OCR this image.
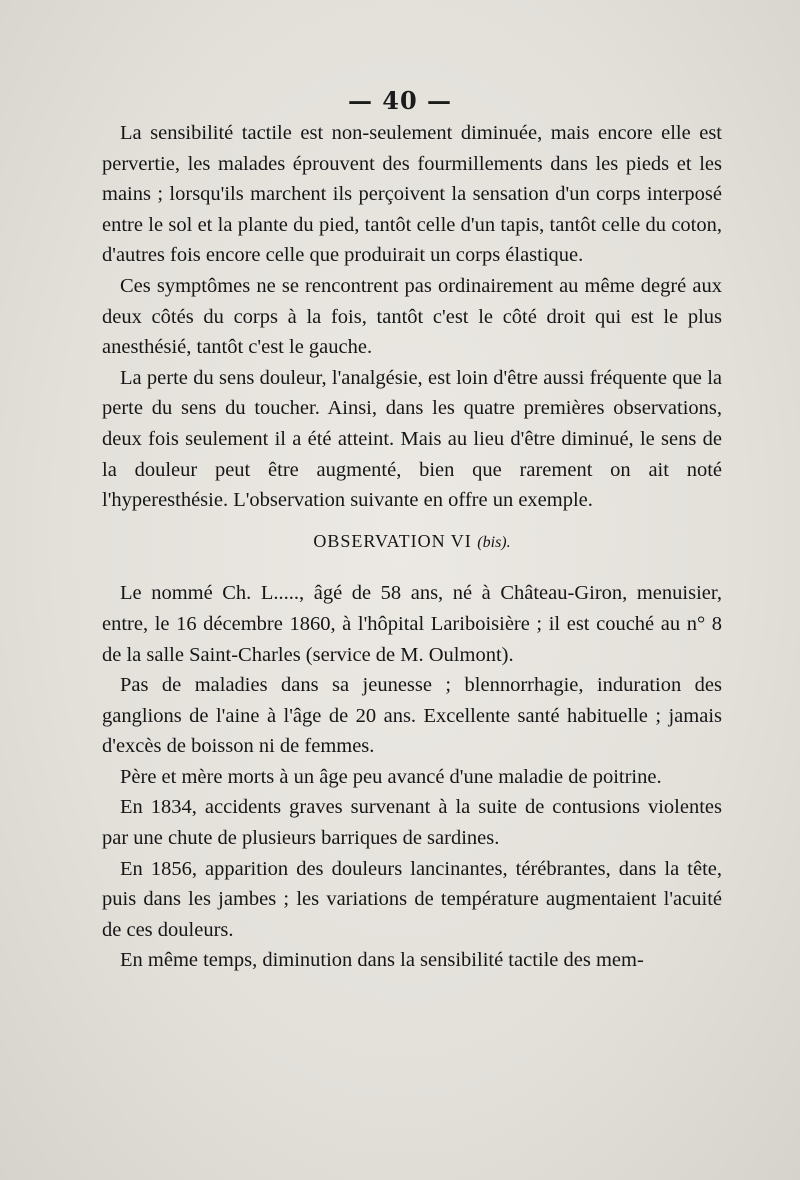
— 40 —

La sensibilité tactile est non-seulement diminuée, mais encore elle est pervertie, les malades éprouvent des fourmillements dans les pieds et les mains ; lorsqu'ils marchent ils perçoivent la sensation d'un corps interposé entre le sol et la plante du pied, tantôt celle d'un tapis, tantôt celle du coton, d'autres fois encore celle que produirait un corps élastique.

Ces symptômes ne se rencontrent pas ordinairement au même degré aux deux côtés du corps à la fois, tantôt c'est le côté droit qui est le plus anesthésié, tantôt c'est le gauche.

La perte du sens douleur, l'analgésie, est loin d'être aussi fréquente que la perte du sens du toucher. Ainsi, dans les quatre premières observations, deux fois seulement il a été atteint. Mais au lieu d'être diminué, le sens de la douleur peut être augmenté, bien que rarement on ait noté l'hyperesthésie. L'observation suivante en offre un exemple.

OBSERVATION VI (bis).

Le nommé Ch. L....., âgé de 58 ans, né à Château-Giron, menuisier, entre, le 16 décembre 1860, à l'hôpital Lariboisière ; il est couché au n° 8 de la salle Saint-Charles (service de M. Oulmont).

Pas de maladies dans sa jeunesse ; blennorrhagie, induration des ganglions de l'aine à l'âge de 20 ans. Excellente santé habituelle ; jamais d'excès de boisson ni de femmes.

Père et mère morts à un âge peu avancé d'une maladie de poitrine.

En 1834, accidents graves survenant à la suite de contusions violentes par une chute de plusieurs barriques de sardines.

En 1856, apparition des douleurs lancinantes, térébrantes, dans la tête, puis dans les jambes ; les variations de température augmentaient l'acuité de ces douleurs.

En même temps, diminution dans la sensibilité tactile des mem-
